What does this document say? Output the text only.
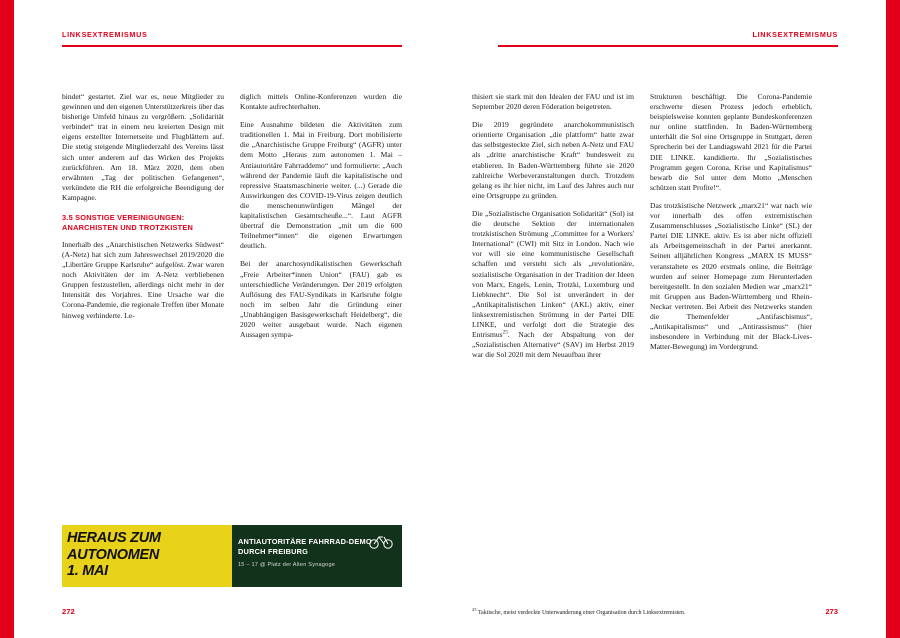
LINKSEXTREMISMUS

bindet“ gestartet. Ziel war es, neue Mitglieder zu gewinnen und den eigenen Unterstützerkreis über das bisherige Umfeld hinaus zu vergrößern. „Solidarität verbindet“ trat in einem neu kreierten Design mit eigens erstellter Internetseite und Flugblättern auf. Die stetig steigende Mitgliederzahl des Vereins lässt sich unter anderem auf das Wirken des Projekts zurückführen. Am 18. März 2020, dem oben erwähnten „Tag der politischen Gefangenen“, verkündete die RH die erfolgreiche Beendigung der Kampagne.

3.5 SONSTIGE VEREINIGUNGEN: ANARCHISTEN UND TROTZKISTEN

Innerhalb des „Anarchistischen Netzwerks Südwest“ (A-Netz) hat sich zum Jahreswechsel 2019/2020 die „Libertäre Gruppe Karlsruhe“ aufgelöst. Zwar waren noch Aktivitäten der im A-Netz verbliebenen Gruppen festzustellen, allerdings nicht mehr in der Intensität des Vorjahres. Eine Ursache war die Corona-Pandemie, die regionale Treffen über Monate hinweg verhinderte. Le-

diglich mittels Online-Konferenzen wurden die Kontakte aufrechterhalten.

Eine Ausnahme bildeten die Aktivitäten zum traditionellen 1. Mai in Freiburg. Dort mobilisierte die „Anarchistische Gruppe Freiburg“ (AGFR) unter dem Motto „Heraus zum autonomen 1. Mai – Antiautoritäre Fahrraddemo“ und formulierte: „Auch während der Pandemie läuft die kapitalistische und repressive Staatsmaschinerie weiter. (...) Gerade die Auswirkungen des COVID-19-Virus zeigen deutlich die menschenunwürdigen Mängel der kapitalistischen Gesamtscheuße...“. Laut AGFR übertraf die Demonstration „mit um die 600 Teilnehmer*innen“ die eigenen Erwartungen deutlich.

Bei der anarchosyndikalistischen Gewerkschaft „Freie Arbeiter*innen Union“ (FAU) gab es unterschiedliche Veränderungen. Der 2019 erfolgten Auflösung des FAU-Syndikats in Karlsruhe folgte noch im selben Jahr die Gründung einer „Unabhängigen Basisgewerkschaft Heidelberg“, die 2020 weiter ausgebaut wurde. Nach eigenen Aussagen sympa-

HERAUS ZUM
AUTONOMEN
1. MAI
ANTIAUTORITÄRE FAHRRAD-DEMO
DURCH FREIBURG
15 – 17 @ Platz der Alten Synagoge
272
LINKSEXTREMISMUS

thisiert sie stark mit den Idealen der FAU und ist im September 2020 deren Föderation beigetreten.

Die 2019 gegründete anarchokommunistisch orientierte Organisation „die plattform“ hatte zwar das selbstgesteckte Ziel, sich neben A-Netz und FAU als „dritte anarchistische Kraft“ bundesweit zu etablieren. In Baden-Württemberg führte sie 2020 zahlreiche Werbeveranstaltungen durch. Trotzdem gelang es ihr hier nicht, im Lauf des Jahres auch nur eine Ortsgruppe zu gründen.

Die „Sozialistische Organisation Solidarität“ (Sol) ist die deutsche Sektion der internationalen trotzkistischen Strömung „Committee for a Workers' International“ (CWI) mit Sitz in London. Nach wie vor will sie eine kommunistische Gesellschaft schaffen und versteht sich als „revolutionäre, sozialistische Organisation in der Tradition der Ideen von Marx, Engels, Lenin, Trotzki, Luxemburg und Liebknecht“. Die Sol ist unverändert in der „Antikapitalistischen Linken“ (AKL) aktiv, einer linksextremistischen Strömung in der Partei DIE LINKE, und verfolgt dort die Strategie des Entrismus$^{25}$. Nach der Abspaltung von der „Sozialistischen Alternative“ (SAV) im Herbst 2019 war die Sol 2020 mit dem Neuaufbau ihrer

Strukturen beschäftigt. Die Corona-Pandemie erschwerte diesen Prozess jedoch erheblich, beispielsweise konnten geplante Bundeskonferenzen nur online stattfinden. In Baden-Württemberg unterhält die Sol eine Ortsgruppe in Stuttgart, deren Sprecherin bei der Landtagswahl 2021 für die Partei DIE LINKE. kandidierte. Ihr „Sozialistisches Programm gegen Corona, Krise und Kapitalismus“ bewarb die Sol unter dem Motto „Menschen schützen statt Profite!“.

Das trotzkistische Netzwerk „marx21“ war nach wie vor innerhalb des offen extremistischen Zusammenschlusses „Sozialistische Linke“ (SL) der Partei DIE LINKE. aktiv. Es ist aber nicht offiziell als Arbeitsgemeinschaft in der Partei anerkannt. Seinen alljährlichen Kongress „MARX IS MUSS“ veranstaltete es 2020 erstmals online, die Beiträge wurden auf seiner Homepage zum Herunterladen bereitgestellt. In den sozialen Medien war „marx21“ mit Gruppen aus Baden-Württemberg und Rhein-Neckar vertreten. Bei Arbeit des Netzwerks standen die Themenfelder „Antifaschismus“, „Antikapitalismus“ und „Antirassismus“ (hier insbesondere in Verbindung mit der Black-Lives-Matter-Bewegung) im Vordergrund.

$^{25}$ Taktische, meist verdeckte Unterwanderung einer Organisation durch Linksextremisten.	273
